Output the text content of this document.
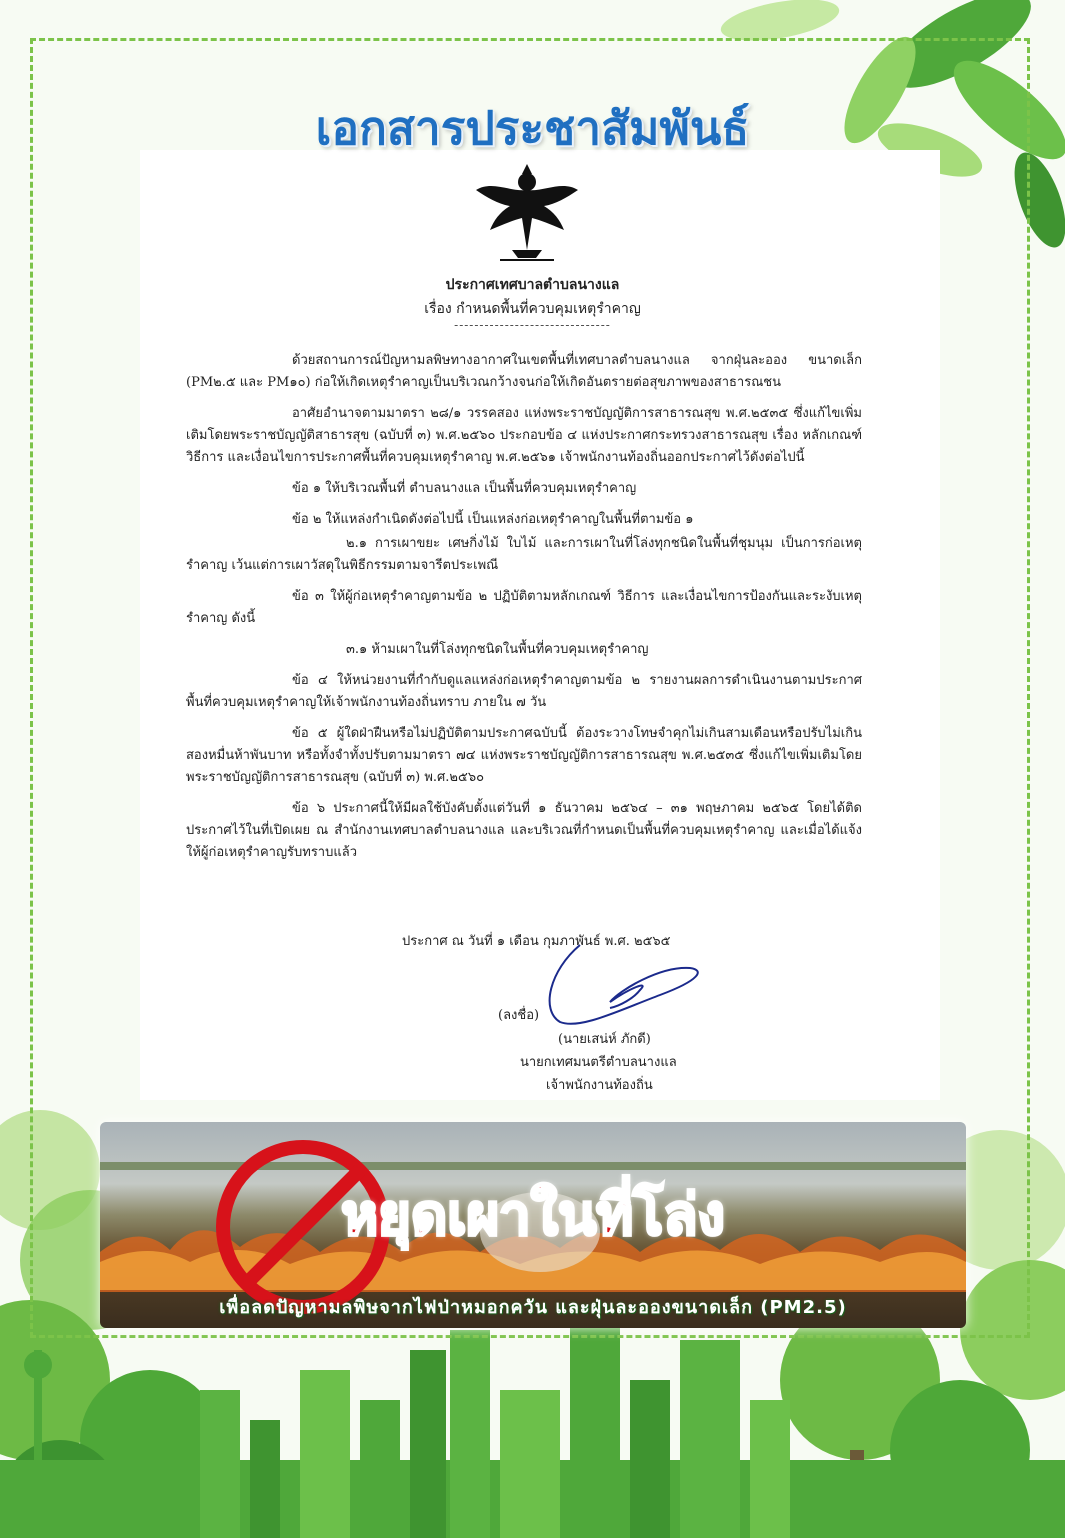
เอกสารประชาสัมพันธ์
ประกาศเทศบาลตำบลนางแล
เรื่อง กำหนดพื้นที่ควบคุมเหตุรำคาญ
-------------------------------

ด้วยสถานการณ์ปัญหามลพิษทางอากาศในเขตพื้นที่เทศบาลตำบลนางแล จากฝุ่นละออง ขนาดเล็ก (PM๒.๕ และ PM๑๐) ก่อให้เกิดเหตุรำคาญเป็นบริเวณกว้างจนก่อให้เกิดอันตรายต่อสุขภาพของสาธารณชน

อาศัยอำนาจตามมาตรา ๒๘/๑ วรรคสอง แห่งพระราชบัญญัติการสาธารณสุข พ.ศ.๒๕๓๕ ซึ่งแก้ไขเพิ่มเติมโดยพระราชบัญญัติสาธารสุข (ฉบับที่ ๓) พ.ศ.๒๕๖๐ ประกอบข้อ ๔ แห่งประกาศกระทรวงสาธารณสุข เรื่อง หลักเกณฑ์ วิธีการ และเงื่อนไขการประกาศพื้นที่ควบคุมเหตุรำคาญ พ.ศ.๒๕๖๑ เจ้าพนักงานท้องถิ่นออกประกาศไว้ดังต่อไปนี้

ข้อ ๑ ให้บริเวณพื้นที่ ตำบลนางแล เป็นพื้นที่ควบคุมเหตุรำคาญ

ข้อ ๒ ให้แหล่งกำเนิดดังต่อไปนี้ เป็นแหล่งก่อเหตุรำคาญในพื้นที่ตามข้อ ๑

๒.๑ การเผาขยะ เศษกิ่งไม้ ใบไม้ และการเผาในที่โล่งทุกชนิดในพื้นที่ชุมนุม เป็นการก่อเหตุรำคาญ เว้นแต่การเผาวัสดุในพิธีกรรมตามจารีตประเพณี

ข้อ ๓ ให้ผู้ก่อเหตุรำคาญตามข้อ ๒ ปฏิบัติตามหลักเกณฑ์ วิธีการ และเงื่อนไขการป้องกันและระงับเหตุรำคาญ ดังนี้

๓.๑ ห้ามเผาในที่โล่งทุกชนิดในพื้นที่ควบคุมเหตุรำคาญ

ข้อ ๔ ให้หน่วยงานที่กำกับดูแลแหล่งก่อเหตุรำคาญตามข้อ ๒ รายงานผลการดำเนินงานตามประกาศพื้นที่ควบคุมเหตุรำคาญให้เจ้าพนักงานท้องถิ่นทราบ ภายใน ๗ วัน

ข้อ ๕ ผู้ใดฝ่าฝืนหรือไม่ปฏิบัติตามประกาศฉบับนี้ ต้องระวางโทษจำคุกไม่เกินสามเดือนหรือปรับไม่เกินสองหมื่นห้าพันบาท หรือทั้งจำทั้งปรับตามมาตรา ๗๔ แห่งพระราชบัญญัติการสาธารณสุข พ.ศ.๒๕๓๕ ซึ่งแก้ไขเพิ่มเติมโดยพระราชบัญญัติการสาธารณสุข (ฉบับที่ ๓) พ.ศ.๒๕๖๐

ข้อ ๖ ประกาศนี้ให้มีผลใช้บังคับตั้งแต่วันที่ ๑ ธันวาคม ๒๕๖๔ – ๓๑ พฤษภาคม ๒๕๖๕ โดยได้ติดประกาศไว้ในที่เปิดเผย ณ สำนักงานเทศบาลตำบลนางแล และบริเวณที่กำหนดเป็นพื้นที่ควบคุมเหตุรำคาญ และเมื่อได้แจ้งให้ผู้ก่อเหตุรำคาญรับทราบแล้ว

ประกาศ ณ วันที่ ๑ เดือน กุมภาพันธ์ พ.ศ. ๒๕๖๕
(ลงชื่อ)
(นายเสน่ห์ ภักดี)
นายกเทศมนตรีตำบลนางแล
เจ้าพนักงานท้องถิ่น
หยุดเผาในที่โล่ง
เพื่อลดปัญหามลพิษจากไฟป่าหมอกควัน และฝุ่นละอองขนาดเล็ก (PM2.5)
